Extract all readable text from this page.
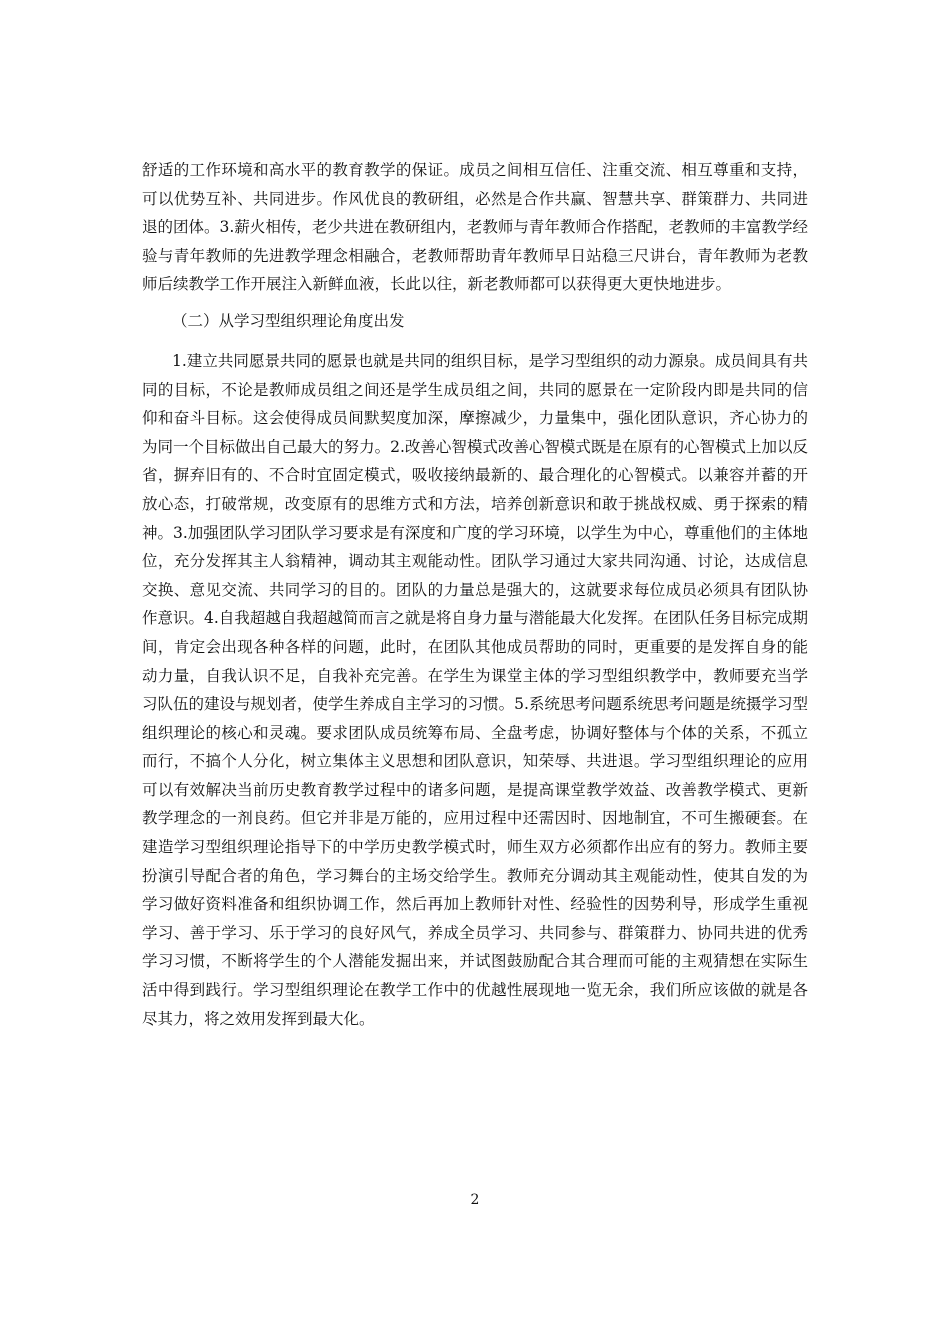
舒适的工作环境和高水平的教育教学的保证。成员之间相互信任、注重交流、相互尊重和支持，可以优势互补、共同进步。作风优良的教研组，必然是合作共赢、智慧共享、群策群力、共同进退的团体。3.薪火相传，老少共进在教研组内，老教师与青年教师合作搭配，老教师的丰富教学经验与青年教师的先进教学理念相融合，老教师帮助青年教师早日站稳三尺讲台，青年教师为老教师后续教学工作开展注入新鲜血液，长此以往，新老教师都可以获得更大更快地进步。

（二）从学习型组织理论角度出发

1.建立共同愿景共同的愿景也就是共同的组织目标，是学习型组织的动力源泉。成员间具有共同的目标，不论是教师成员组之间还是学生成员组之间，共同的愿景在一定阶段内即是共同的信仰和奋斗目标。这会使得成员间默契度加深，摩擦减少，力量集中，强化团队意识，齐心协力的为同一个目标做出自己最大的努力。2.改善心智模式改善心智模式既是在原有的心智模式上加以反省，摒弃旧有的、不合时宜固定模式，吸收接纳最新的、最合理化的心智模式。以兼容并蓄的开放心态，打破常规，改变原有的思维方式和方法，培养创新意识和敢于挑战权威、勇于探索的精神。3.加强团队学习团队学习要求是有深度和广度的学习环境，以学生为中心，尊重他们的主体地位，充分发挥其主人翁精神，调动其主观能动性。团队学习通过大家共同沟通、讨论，达成信息交换、意见交流、共同学习的目的。团队的力量总是强大的，这就要求每位成员必须具有团队协作意识。4.自我超越自我超越简而言之就是将自身力量与潜能最大化发挥。在团队任务目标完成期间，肯定会出现各种各样的问题，此时，在团队其他成员帮助的同时，更重要的是发挥自身的能动力量，自我认识不足，自我补充完善。在学生为课堂主体的学习型组织教学中，教师要充当学习队伍的建设与规划者，使学生养成自主学习的习惯。5.系统思考问题系统思考问题是统摄学习型组织理论的核心和灵魂。要求团队成员统筹布局、全盘考虑，协调好整体与个体的关系，不孤立而行，不搞个人分化，树立集体主义思想和团队意识，知荣辱、共进退。学习型组织理论的应用可以有效解决当前历史教育教学过程中的诸多问题，是提高课堂教学效益、改善教学模式、更新教学理念的一剂良药。但它并非是万能的，应用过程中还需因时、因地制宜，不可生搬硬套。在建造学习型组织理论指导下的中学历史教学模式时，师生双方必须都作出应有的努力。教师主要扮演引导配合者的角色，学习舞台的主场交给学生。教师充分调动其主观能动性，使其自发的为学习做好资料准备和组织协调工作，然后再加上教师针对性、经验性的因势利导，形成学生重视学习、善于学习、乐于学习的良好风气，养成全员学习、共同参与、群策群力、协同共进的优秀学习习惯，不断将学生的个人潜能发掘出来，并试图鼓励配合其合理而可能的主观猜想在实际生活中得到践行。学习型组织理论在教学工作中的优越性展现地一览无余，我们所应该做的就是各尽其力，将之效用发挥到最大化。

2
